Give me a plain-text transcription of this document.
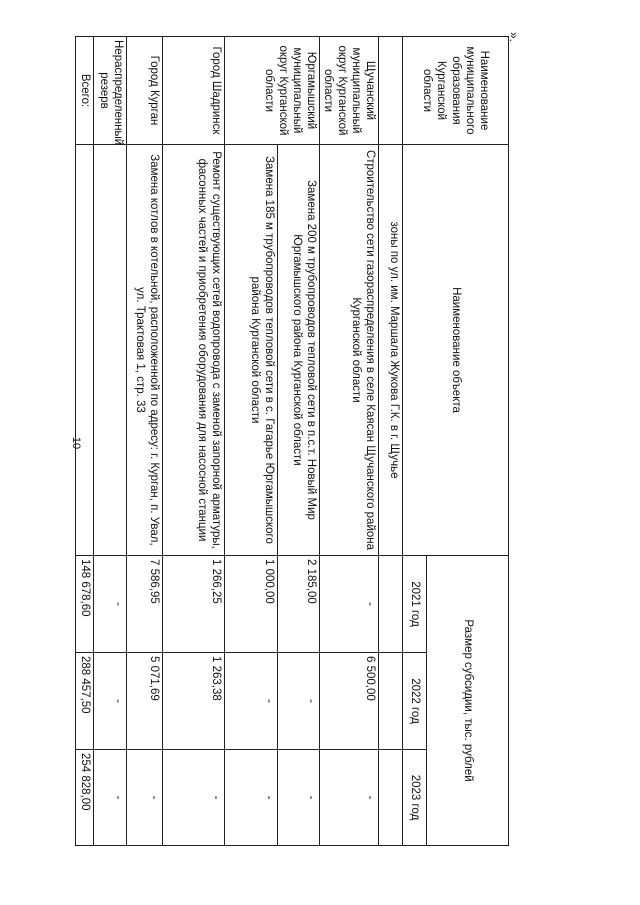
10
».
Наименование муниципального образования Курганской области	Наименование объекта	Размер субсидии, тыс. рублей		
		2021 год	2022 год	2023 год
	зоны по ул. им. Маршала Жукова Г.К. в г. Щучье			
Щучанский муниципальный округ Курганской области	Строительство сети газораспределения в селе Каясан Щучанского района Курганской области	-	6 500,00	-
Юргамышский муниципальный округ Курганской области	Замена 200 м трубопроводов тепловой сети в п.с.т. Новый Мир Юргамышского района Курганской области	2 185,00	-	-
	Замена 185 м трубопроводов тепловой сети в с. Гагарье Юргамышского района Курганской области	1 000,00	-	-
Город Шадринск	Ремонт существующих сетей водопровода с заменой запорной арматуры, фасонных частей и приобретения оборудования для насосной станции	1 266,25	1 263,38	-
Город Курган	Замена котлов в котельной, расположенной по адресу: г. Курган, п. Увал, ул. Трактовая 1, стр. 33	7 586,95	5 071,69	-
Нераспределенный резерв		-	-	-
Всего:		148 678,60	288 457,50	254 828,00
